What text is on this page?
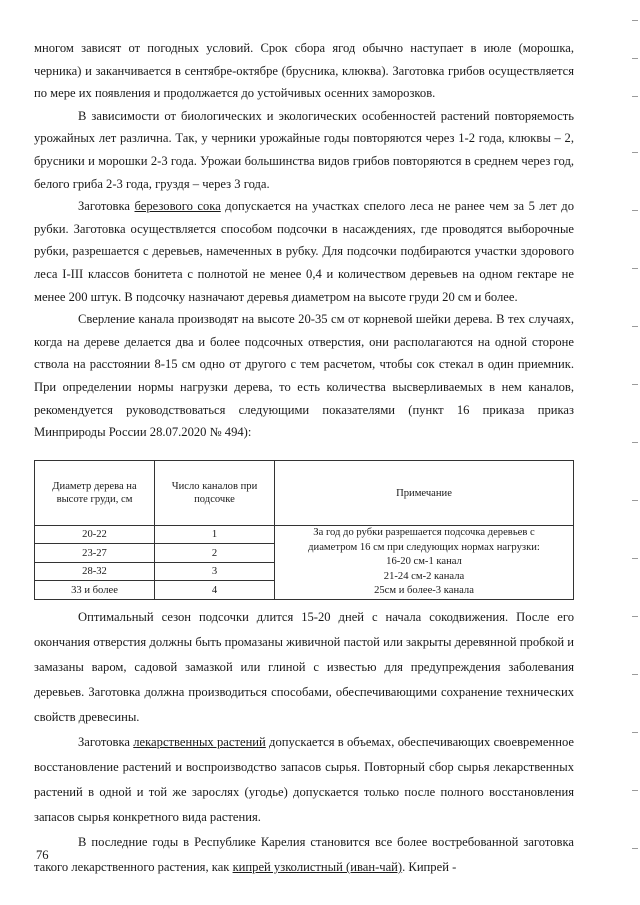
многом зависят от погодных условий. Срок сбора ягод обычно наступает в июле (морошка, черника) и заканчивается в сентябре-октябре (брусника, клюква). Заготовка грибов осуществляется по мере их появления и продолжается до устойчивых осенних заморозков.

В зависимости от биологических и экологических особенностей растений повторяемость урожайных лет различна. Так, у черники урожайные годы повторяются через 1-2 года, клюквы – 2, брусники и морошки 2-3 года. Урожаи большинства видов грибов повторяются в среднем через год, белого гриба 2-3 года, груздя – через 3 года.

Заготовка березового сока допускается на участках спелого леса не ранее чем за 5 лет до рубки. Заготовка осуществляется способом подсочки в насаждениях, где проводятся выборочные рубки, разрешается с деревьев, намеченных в рубку. Для подсочки подбираются участки здорового леса I-III классов бонитета с полнотой не менее 0,4 и количеством деревьев на одном гектаре не менее 200 штук. В подсочку назначают деревья диаметром на высоте груди 20 см и более.

Сверление канала производят на высоте 20-35 см от корневой шейки дерева. В тех случаях, когда на дереве делается два и более подсочных отверстия, они располагаются на одной стороне ствола на расстоянии 8-15 см одно от другого с тем расчетом, чтобы сок стекал в один приемник. При определении нормы нагрузки дерева, то есть количества высверливаемых в нем каналов, рекомендуется руководствоваться следующими показателями (пункт 16 приказа приказ Минприроды России 28.07.2020 № 494):

Диаметр дерева на высоте груди, см	Число каналов при подсочке	Примечание
20-22	1	За год до рубки разрешается подсочка деревьев с
диаметром 16 см при следующих нормах нагрузки:
16-20 см-1 канал
21-24 см-2 канала
25см и более-3 канала

23-27	2	
28-32	3	
33 и более	4	

Оптимальный сезон подсочки длится 15-20 дней с начала сокодвижения. После его окончания отверстия должны быть промазаны живичной пастой или закрыты деревянной пробкой и замазаны варом, садовой замазкой или глиной с известью для предупреждения заболевания деревьев. Заготовка должна производиться способами, обеспечивающими сохранение технических свойств древесины.

Заготовка лекарственных растений допускается в объемах, обеспечивающих своевременное восстановление растений и воспроизводство запасов сырья. Повторный сбор сырья лекарственных растений в одной и той же зарослях (угодье) допускается только после полного восстановления запасов сырья конкретного вида растения.

В последние годы в Республике Карелия становится все более востребованной заготовка такого лекарственного растения, как кипрей узколистный (иван-чай). Кипрей -

76
